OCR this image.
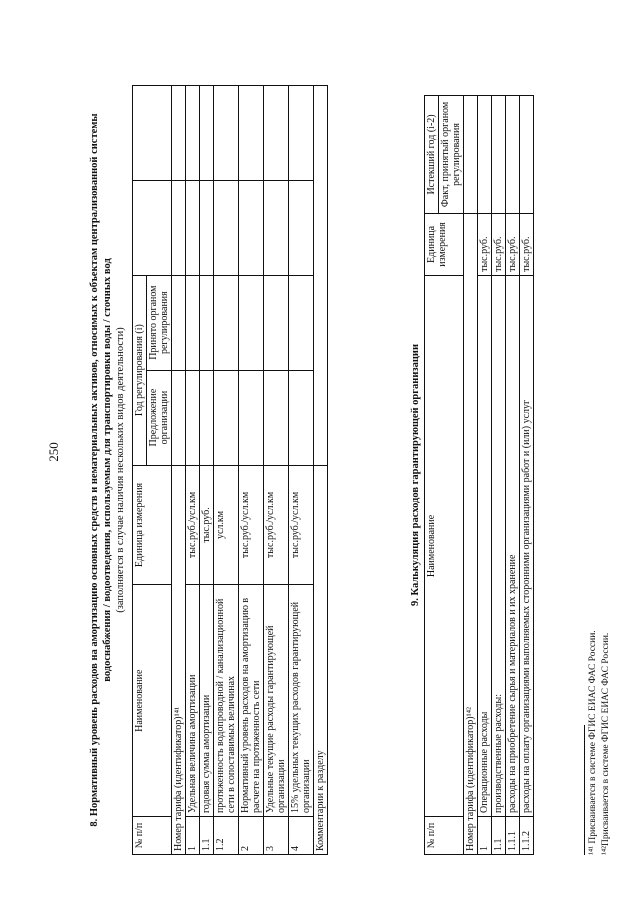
250	8. Нормативный уровень расходов на амортизацию основных средств и нематериальных активов, относимых к объектам централизованной системы водоснабжения / водоотведения, используемым для транспортировки воды / сточных вод (заполняется в случае наличия нескольких видов деятельности)
№ п/п	Наименование	Единица измерения	Год регулирования (i)			
			Предложение организации	Принято органом регулирования		
Номер тарифа (идентификатор)¹⁴¹						
1	Удельная величина амортизации	тыс.руб./усл.км				
1.1	годовая сумма амортизации	тыс.руб.				
1.2	протяженность водопроводной / канализационной сети в сопоставимых величинах	усл.км				
2	Нормативный уровень расходов на амортизацию в расчете на протяженность сети	тыс.руб./усл.км				
3	Удельные текущие расходы гарантирующей организации	тыс.руб./усл.км				
4	15% удельных текущих расходов гарантирующей организации	тыс.руб./усл.км				
Комментарии к разделу						
9. Калькуляция расходов гарантирующей организации
№ п/п	Наименование	Единица измерения	Истекший год (i-2)
			Факт, принятый органом регулирования
Номер тарифа (идентификатор)¹⁴²			
1	Операционные расходы	тыс.руб.	
1.1	производственные расходы:	тыс.руб.	
1.1.1	расходы на приобретение сырья и материалов и их хранение	тыс.руб.	
1.1.2	расходы на оплату организациями выполняемых сторонними организациями работ и (или) услуг	тыс.руб.	
¹⁴¹ Присваивается в системе ФГИС ЕИАС ФАС России. ¹⁴²Присваивается в системе ФГИС ЕИАС ФАС России.
